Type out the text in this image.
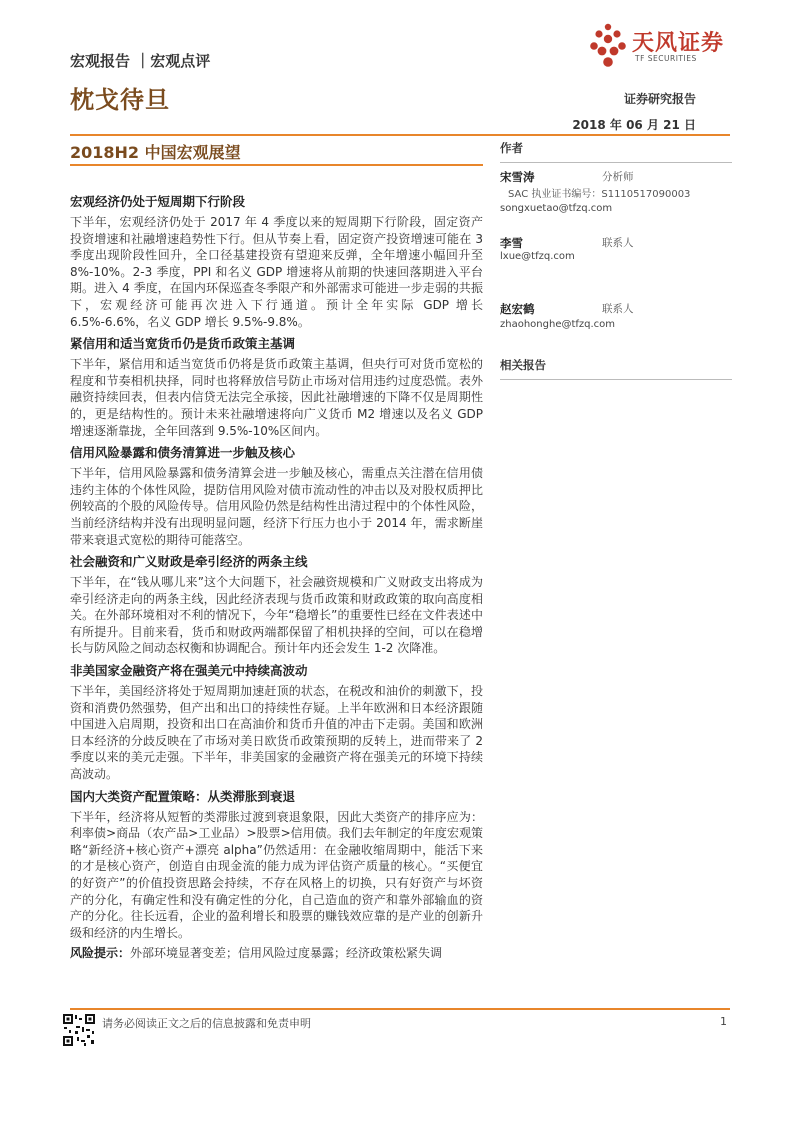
宏观报告 ｜宏观点评
枕戈待旦
天风证券
TF SECURITIES
证券研究报告
2018 年 06 月 21 日
2018H2 中国宏观展望
宏观经济仍处于短周期下行阶段
下半年，宏观经济仍处于 2017 年 4 季度以来的短周期下行阶段，固定资产投资增速和社融增速趋势性下行。但从节奏上看，固定资产投资增速可能在 3 季度出现阶段性回升，全口径基建投资有望迎来反弹，全年增速小幅回升至 8%-10%。2-3 季度，PPI 和名义 GDP 增速将从前期的快速回落期进入平台期。进入 4 季度，在国内环保巡查冬季限产和外部需求可能进一步走弱的共振下，宏观经济可能再次进入下行通道。预计全年实际 GDP 增长 6.5%-6.6%，名义 GDP 增长 9.5%-9.8%。
紧信用和适当宽货币仍是货币政策主基调
下半年，紧信用和适当宽货币仍将是货币政策主基调，但央行可对货币宽松的程度和节奏相机抉择，同时也将释放信号防止市场对信用违约过度恐慌。表外融资持续回表，但表内信贷无法完全承接，因此社融增速的下降不仅是周期性的，更是结构性的。预计未来社融增速将向广义货币 M2 增速以及名义 GDP 增速逐渐靠拢，全年回落到 9.5%-10%区间内。
信用风险暴露和债务清算进一步触及核心
下半年，信用风险暴露和债务清算会进一步触及核心，需重点关注潜在信用债违约主体的个体性风险，提防信用风险对债市流动性的冲击以及对股权质押比例较高的个股的风险传导。信用风险仍然是结构性出清过程中的个体性风险，当前经济结构并没有出现明显问题，经济下行压力也小于 2014 年，需求断崖带来衰退式宽松的期待可能落空。
社会融资和广义财政是牵引经济的两条主线
下半年，在“钱从哪儿来”这个大问题下，社会融资规模和广义财政支出将成为牵引经济走向的两条主线，因此经济表现与货币政策和财政政策的取向高度相关。在外部环境相对不利的情况下，今年“稳增长”的重要性已经在文件表述中有所提升。目前来看，货币和财政两端都保留了相机抉择的空间，可以在稳增长与防风险之间动态权衡和协调配合。预计年内还会发生 1-2 次降准。
非美国家金融资产将在强美元中持续高波动
下半年，美国经济将处于短周期加速赶顶的状态，在税改和油价的刺激下，投资和消费仍然强势，但产出和出口的持续性存疑。上半年欧洲和日本经济跟随中国进入启周期，投资和出口在高油价和货币升值的冲击下走弱。美国和欧洲日本经济的分歧反映在了市场对美日欧货币政策预期的反转上，进而带来了 2 季度以来的美元走强。下半年，非美国家的金融资产将在强美元的环境下持续高波动。
国内大类资产配置策略：从类滞胀到衰退
下半年，经济将从短暂的类滞胀过渡到衰退象限，因此大类资产的排序应为：利率债>商品（农产品>工业品）>股票>信用债。我们去年制定的年度宏观策略“新经济+核心资产+漂亮 alpha”仍然适用：在金融收缩周期中，能活下来的才是核心资产，创造自由现金流的能力成为评估资产质量的核心。“买便宜的好资产”的价值投资思路会持续，不存在风格上的切换，只有好资产与坏资产的分化，有确定性和没有确定性的分化，自己造血的资产和靠外部输血的资产的分化。往长远看，企业的盈利增长和股票的赚钱效应靠的是产业的创新升级和经济的内生增长。
风险提示：外部环境显著变差；信用风险过度暴露；经济政策松紧失调
作者
宋雪涛	分析师
SAC 执业证书编号：S1110517090003
songxuetao@tfzq.com
李雪	联系人
lxue@tfzq.com
赵宏鹤	联系人
zhaohonghe@tfzq.com
相关报告
请务必阅读正文之后的信息披露和免责申明	1
